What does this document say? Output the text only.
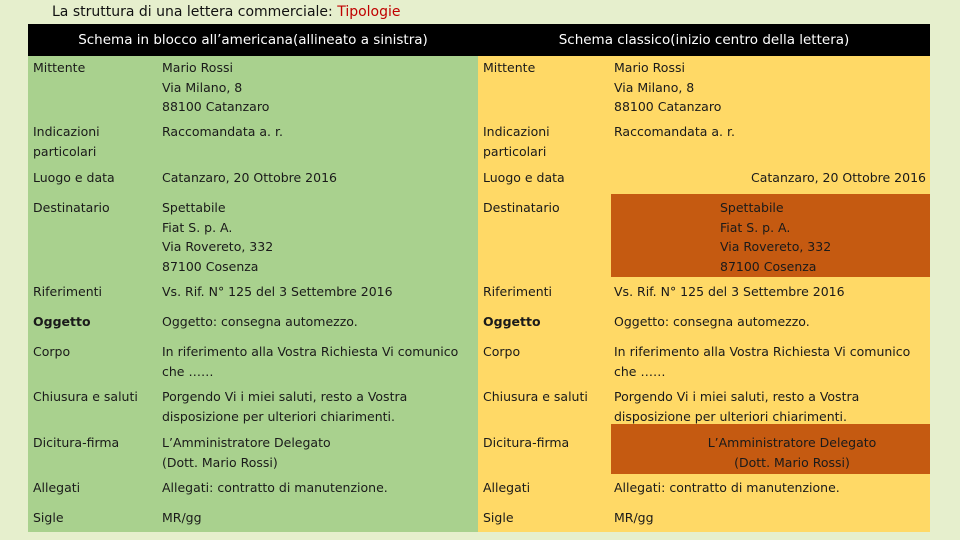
La struttura di una lettera commerciale: Tipologie
Schema in blocco all’americana (allineato a sinistra)
Mittente	Mario Rossi
Via Milano, 8
88100 Catanzaro
Indicazioni particolari
Raccomandata a. r.
Luogo e data	Catanzaro, 20 Ottobre 2016
Destinatario	Spettabile
Fiat S. p. A.
Via Rovereto, 332
87100 Cosenza
Riferimenti	Vs. Rif. N° 125 del 3 Settembre 2016
Oggetto	Oggetto: consegna automezzo.
Corpo	In riferimento alla Vostra Richiesta Vi comunico che ……
Chiusura e saluti	Porgendo Vi i miei saluti, resto a Vostra disposizione per ulteriori chiarimenti.
Dicitura-firma	L’Amministratore Delegato
(Dott. Mario Rossi)
Allegati	Allegati: contratto di manutenzione.
Sigle	MR/gg
Schema classico (inizio centro della lettera)
Mittente	Mario Rossi
Via Milano, 8
88100 Catanzaro
Indicazioni particolari
Raccomandata a. r.
Luogo e data	Catanzaro, 20 Ottobre 2016
Destinatario	Spettabile
Fiat S. p. A.
Via Rovereto, 332
87100 Cosenza
Riferimenti	Vs. Rif. N° 125 del 3 Settembre 2016
Oggetto	Oggetto: consegna automezzo.
Corpo	In riferimento alla Vostra Richiesta Vi comunico che ……
Chiusura e saluti	Porgendo Vi i miei saluti, resto a Vostra disposizione per ulteriori chiarimenti.
Dicitura-firma	L’Amministratore Delegato
(Dott. Mario Rossi)
Allegati	Allegati: contratto di manutenzione.
Sigle	MR/gg
